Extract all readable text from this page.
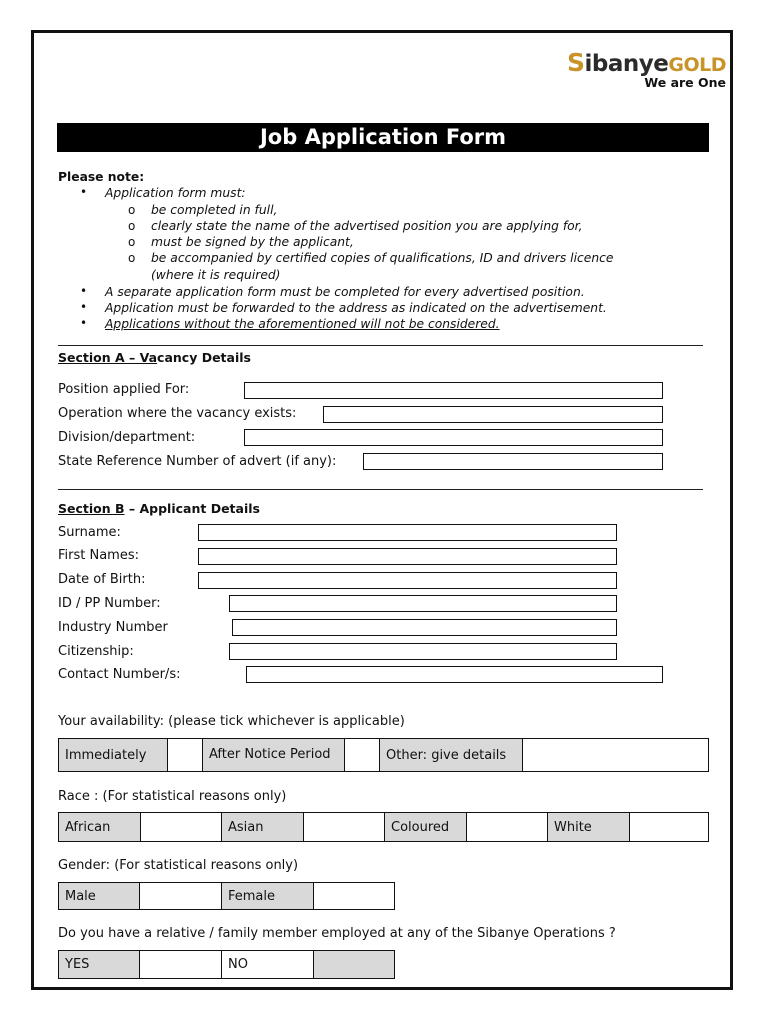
SibanyeGOLD
We are One
Job Application Form
Please note:
• Application form must:
o be completed in full,
o clearly state the name of the advertised position you are applying for,
o must be signed by the applicant,
o be accompanied by certified copies of qualifications, ID and drivers licence
(where it is required)
• A separate application form must be completed for every advertised position.
• Application must be forwarded to the address as indicated on the advertisement.
• Applications without the aforementioned will not be considered.
Section A – Vacancy Details
Position applied For:
Operation where the vacancy exists:
Division/department:
State Reference Number of advert (if any):
Section B – Applicant Details
Surname:
First Names:
Date of Birth:
ID / PP Number:
Industry Number
Citizenship:
Contact Number/s:
Your availability: (please tick whichever is applicable)
Immediately		After Notice Period		Other: give details	
Race : (For statistical reasons only)
African		Asian		Coloured		White	
Gender: (For statistical reasons only)
Male		Female	
Do you have a relative / family member employed at any of the Sibanye Operations ?
YES		NO	
